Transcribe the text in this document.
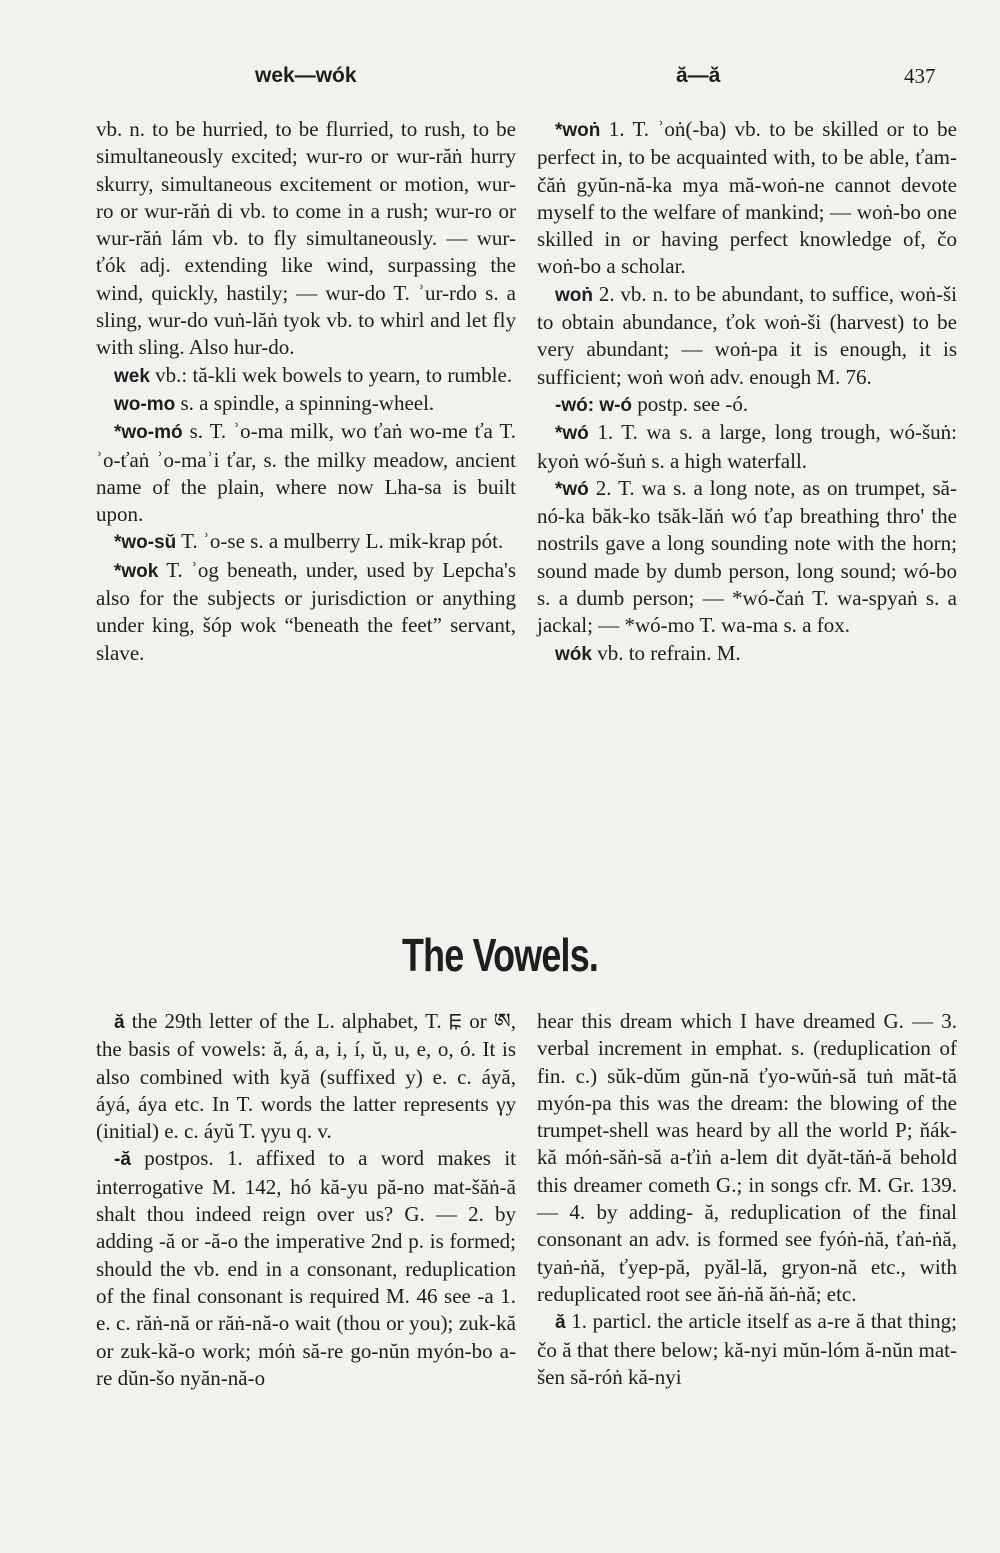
wek—wók	ă—ă	437

vb. n. to be hurried, to be flurried, to rush, to be simultaneously excited; wur-ro or wur-răṅ hurry skurry, simultaneous excitement or motion, wur-ro or wur-răṅ di vb. to come in a rush; wur-ro or wur-răṅ lám vb. to fly simultaneously. — wur-ťók adj. extending like wind, surpassing the wind, quickly, hastily; — wur-do T. ʾur-rdo s. a sling, wur-do vuṅ-lăṅ tyok vb. to whirl and let fly with sling. Also hur-do.

wek vb.: tă-kli wek bowels to yearn, to rumble.

wo-mo s. a spindle, a spinning-wheel.

*wo-mó s. T. ʾo-ma milk, wo ťaṅ wo-me ťa T. ʾo-ťaṅ ʾo-maʾi ťar, s. the milky meadow, ancient name of the plain, where now Lha-sa is built upon.

*wo-sŭ T. ʾo-se s. a mulberry L. mik-krap pót.

*wok T. ʾog beneath, under, used by Lepcha's also for the subjects or jurisdiction or anything under king, šóp wok “beneath the feet” servant, slave.

*woṅ 1. T. ʾoṅ(-ba) vb. to be skilled or to be perfect in, to be acquainted with, to be able, ťam-čăṅ gyŭn-nă-ka mya mă-woṅ-ne cannot devote myself to the welfare of mankind; — woṅ-bo one skilled in or having perfect knowledge of, čo woṅ-bo a scholar.

woṅ 2. vb. n. to be abundant, to suffice, woṅ-ši to obtain abundance, ťok woṅ-ši (harvest) to be very abundant; — woṅ-pa it is enough, it is sufficient; woṅ woṅ adv. enough M. 76.

-wó: w-ó postp. see -ó.

*wó 1. T. wa s. a large, long trough, wó-šuṅ: kyoṅ wó-šuṅ s. a high waterfall.

*wó 2. T. wa s. a long note, as on trumpet, să-nó-ka băk-ko tsăk-lăṅ wó ťap breathing thro' the nostrils gave a long sounding note with the horn; sound made by dumb person, long sound; wó-bo s. a dumb person; — *wó-čaṅ T. wa-spyaṅ s. a jackal; — *wó-mo T. wa-ma s. a fox.

wók vb. to refrain. M.

The Vowels.

ă the 29th letter of the L. alphabet, T. ꡀ or ཨ, the basis of vowels: ă, á, a, i, í, ŭ, u, e, o, ó. It is also combined with kyă (suffixed y) e. c. áyă, áyá, áya etc. In T. words the latter represents γy (initial) e. c. áyŭ T. γyu q. v.

-ă postpos. 1. affixed to a word makes it interrogative M. 142, hó kă-yu pă-no mat-šăṅ-ă shalt thou indeed reign over us? G. — 2. by adding -ă or -ă-o the imperative 2nd p. is formed; should the vb. end in a consonant, reduplication of the final consonant is required M. 46 see -a 1. e. c. răṅ-nă or răṅ-nă-o wait (thou or you); zuk-kă or zuk-kă-o work; móṅ să-re go-nŭn myón-bo a-re dŭn-šo nyăn-nă-o

hear this dream which I have dreamed G. — 3. verbal increment in emphat. s. (reduplication of fin. c.) sŭk-dŭm gŭn-nă ťyo-wŭṅ-să tuṅ măt-tă myón-pa this was the dream: the blowing of the trumpet-shell was heard by all the world P; ňák-kă móṅ-săṅ-să a-ťiṅ a-lem dit dyăt-tăṅ-ă behold this dreamer cometh G.; in songs cfr. M. Gr. 139. — 4. by adding- ă, reduplication of the final consonant an adv. is formed see fyóṅ-ṅă, ťaṅ-ṅă, tyaṅ-ṅă, ťyep-pă, pyăl-lă, gryon-nă etc., with reduplicated root see ăṅ-ṅă ăṅ-ṅă; etc.

ă 1. particl. the article itself as a-re ă that thing; čo ă that there below; kă-nyi mŭn-lóm ă-nŭn mat-šen să-róṅ kă-nyi
